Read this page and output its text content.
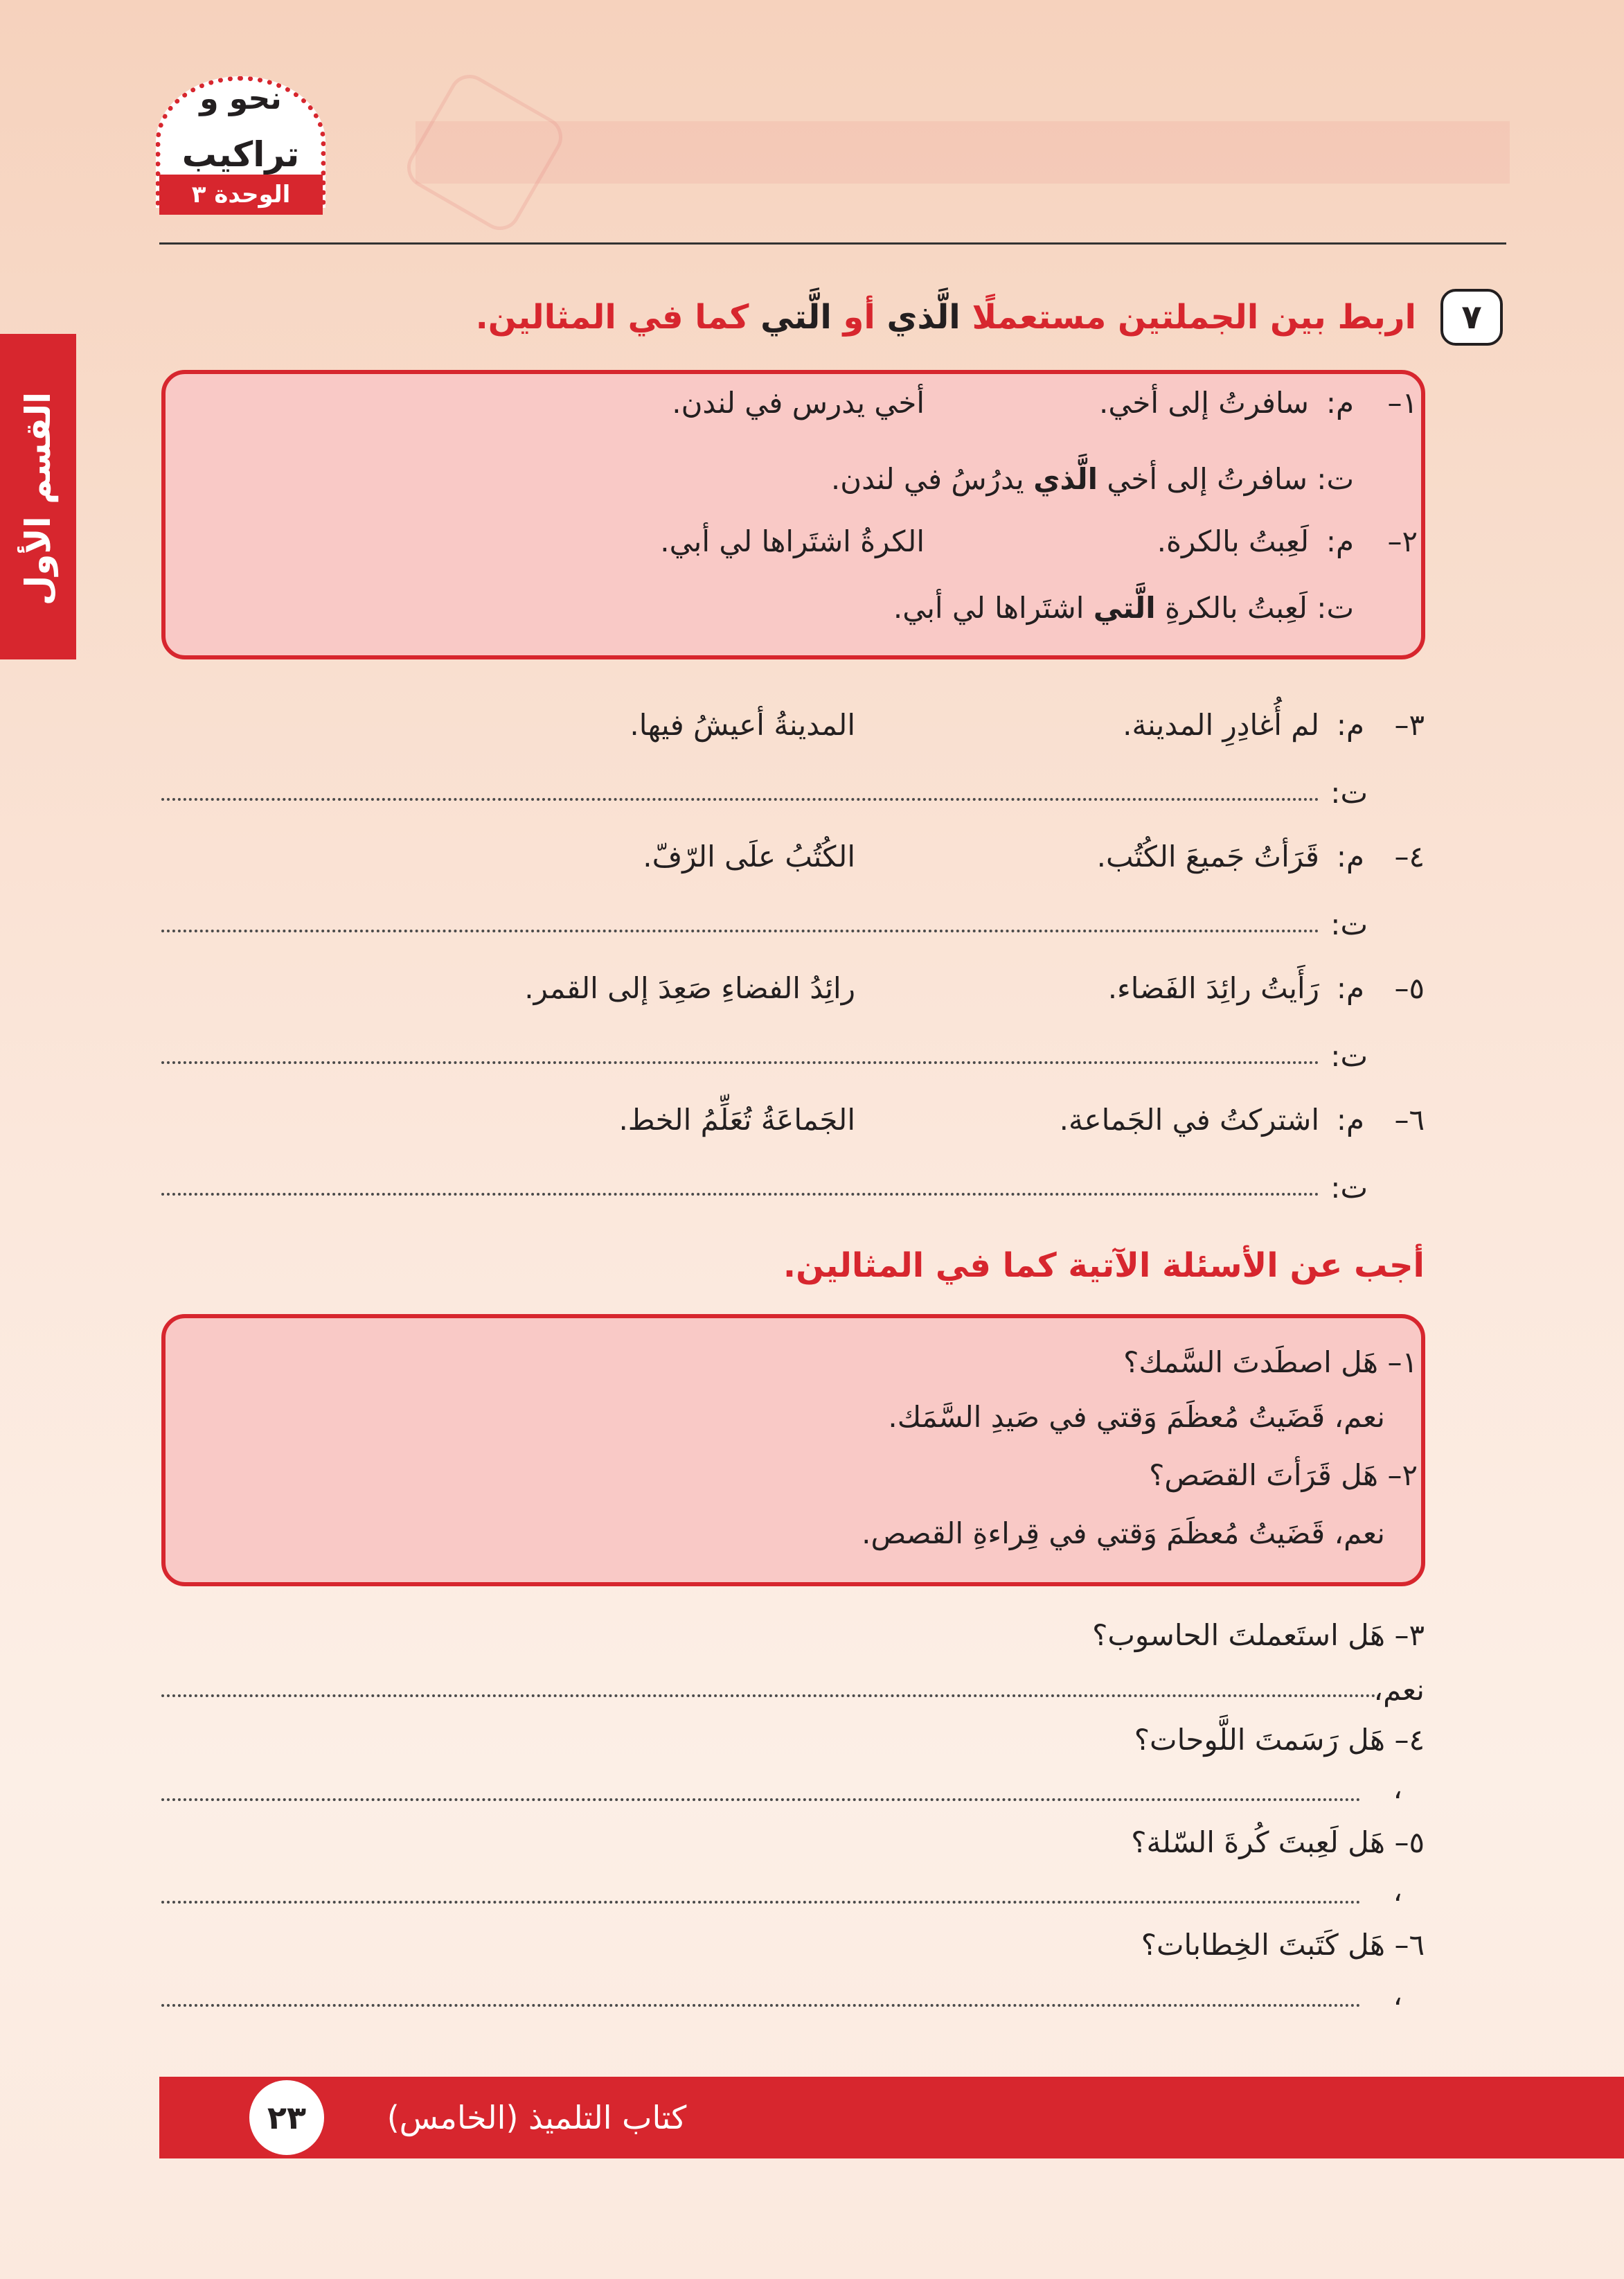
نحو و
تراكيب
الوحدة ٣
القسم الأول
٧
اربط بين الجملتين مستعملًا الَّذي أو الَّتي كما في المثالين.
١–
م:
سافرتُ إلى أخي.
أخي يدرس في لندن.
ت: سافرتُ إلى أخي الَّذي يدرُسُ في لندن.
٢–
م:
لَعِبتُ بالكرة.
الكرةُ اشتَراها لي أبي.
ت: لَعِبتُ بالكرةِ الَّتي اشتَراها لي أبي.
٣–
م:
لم أُغادِرِ المدينة.
المدينةُ أعيشُ فيها.
ت:
٤–
م:
قَرَأتُ جَميعَ الكُتُب.
الكُتُبُ علَى الرّفّ.
ت:
٥–
م:
رَأَيتُ رائِدَ الفَضاء.
رائِدُ الفضاءِ صَعِدَ إلى القمر.
ت:
٦–
م:
اشتركتُ في الجَماعة.
الجَماعَةُ تُعَلِّمُ الخط.
ت:
أجب عن الأسئلة الآتية كما في المثالين.
١– هَل اصطَدتَ السَّمك؟
نعم، قَضَيتُ مُعظَمَ وَقتي في صَيدِ السَّمَك.
٢– هَل قَرَأتَ القصَص؟
نعم، قَضَيتُ مُعظَمَ وَقتي في قِراءةِ القصص.
٣– هَل استَعملتَ الحاسوب؟
نعم،
٤– هَل رَسَمتَ اللَّوحات؟
،
٥– هَل لَعِبتَ كُرةَ السّلة؟
،
٦– هَل كَتَبتَ الخِطابات؟
،
كتاب التلميذ (الخامس)
٢٣
